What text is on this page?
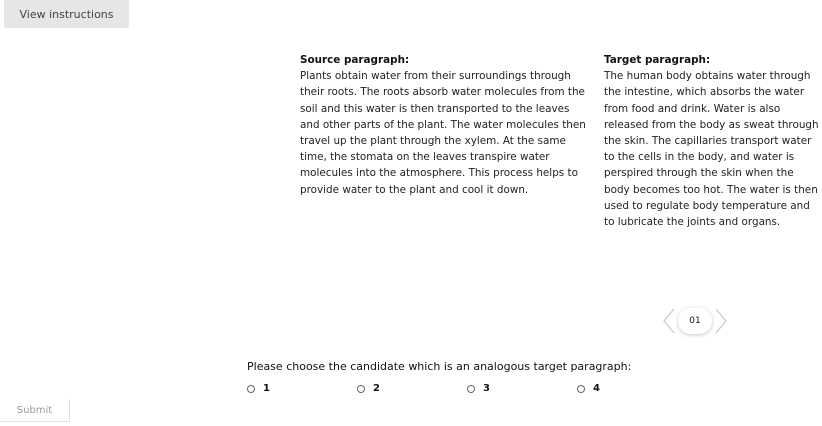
View instructions
Source paragraph:
Plants obtain water from their surroundings through their roots. The roots absorb water molecules from the soil and this water is then transported to the leaves and other parts of the plant. The water molecules then travel up the plant through the xylem. At the same time, the stomata on the leaves transpire water molecules into the atmosphere. This process helps to provide water to the plant and cool it down.
Target paragraph:
The human body obtains water through the intestine, which absorbs the water from food and drink. Water is also released from the body as sweat through the skin. The capillaries transport water to the cells in the body, and water is perspired through the skin when the body becomes too hot. The water is then used to regulate body temperature and to lubricate the joints and organs.
01
Please choose the candidate which is an analogous target paragraph:
1	2	3	4
Submit
